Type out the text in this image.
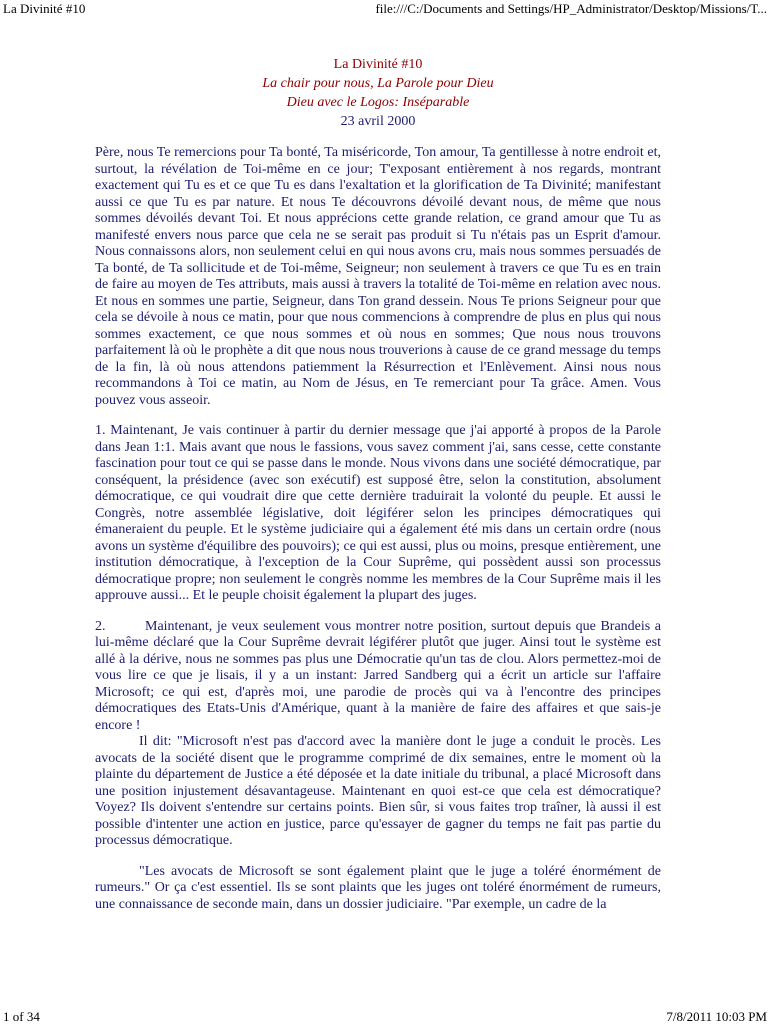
La Divinité #10	file:///C:/Documents and Settings/HP_Administrator/Desktop/Missions/T...

La Divinité #10

La chair pour nous, La Parole pour Dieu

Dieu avec le Logos: Inséparable

23 avril 2000

Père, nous Te remercions pour Ta bonté, Ta miséricorde, Ton amour, Ta gentillesse à notre endroit et, surtout, la révélation de Toi-même en ce jour; T'exposant entièrement à nos regards, montrant exactement qui Tu es et ce que Tu es dans l'exaltation et la glorification de Ta Divinité; manifestant aussi ce que Tu es par nature. Et nous Te découvrons dévoilé devant nous, de même que nous sommes dévoilés devant Toi. Et nous apprécions cette grande relation, ce grand amour que Tu as manifesté envers nous parce que cela ne se serait pas produit si Tu n'étais pas un Esprit d'amour. Nous connaissons alors, non seulement celui en qui nous avons cru, mais nous sommes persuadés de Ta bonté, de Ta sollicitude et de Toi-même, Seigneur; non seulement à travers ce que Tu es en train de faire au moyen de Tes attributs, mais aussi à travers la totalité de Toi-même en relation avec nous. Et nous en sommes une partie, Seigneur, dans Ton grand dessein. Nous Te prions Seigneur pour que cela se dévoile à nous ce matin, pour que nous commencions à comprendre de plus en plus qui nous sommes exactement, ce que nous sommes et où nous en sommes; Que nous nous trouvons parfaitement là où le prophète a dit que nous nous trouverions à cause de ce grand message du temps de la fin, là où nous attendons patiemment la Résurrection et l'Enlèvement. Ainsi nous nous recommandons à Toi ce matin, au Nom de Jésus, en Te remerciant pour Ta grâce. Amen. Vous pouvez vous asseoir.

1. Maintenant, Je vais continuer à partir du dernier message que j'ai apporté à propos de la Parole dans Jean 1:1. Mais avant que nous le fassions, vous savez comment j'ai, sans cesse, cette constante fascination pour tout ce qui se passe dans le monde. Nous vivons dans une société démocratique, par conséquent, la présidence (avec son exécutif) est supposé être, selon la constitution, absolument démocratique, ce qui voudrait dire que cette dernière traduirait la volonté du peuple. Et aussi le Congrès, notre assemblée législative, doit légiférer selon les principes démocratiques qui émaneraient du peuple. Et le système judiciaire qui a également été mis dans un certain ordre (nous avons un système d'équilibre des pouvoirs); ce qui est aussi, plus ou moins, presque entièrement, une institution démocratique, à l'exception de la Cour Suprême, qui possèdent aussi son processus démocratique propre; non seulement le congrès nomme les membres de la Cour Suprême mais il les approuve aussi... Et le peuple choisit également la plupart des juges.

2.	Maintenant, je veux seulement vous montrer notre position, surtout depuis que Brandeis a lui-même déclaré que la Cour Suprême devrait légiférer plutôt que juger. Ainsi tout le système est allé à la dérive, nous ne sommes pas plus une Démocratie qu'un tas de clou. Alors permettez-moi de vous lire ce que je lisais, il y a un instant: Jarred Sandberg qui a écrit un article sur l'affaire Microsoft; ce qui est, d'après moi, une parodie de procès qui va à l'encontre des principes démocratiques des Etats-Unis d'Amérique, quant à la manière de faire des affaires et que sais-je encore !

Il dit: "Microsoft n'est pas d'accord avec la manière dont le juge a conduit le procès. Les avocats de la société disent que le programme comprimé de dix semaines, entre le moment où la plainte du département de Justice a été déposée et la date initiale du tribunal, a placé Microsoft dans une position injustement désavantageuse. Maintenant en quoi est-ce que cela est démocratique? Voyez? Ils doivent s'entendre sur certains points. Bien sûr, si vous faites trop traîner, là aussi il est possible d'intenter une action en justice, parce qu'essayer de gagner du temps ne fait pas partie du processus démocratique.

"Les avocats de Microsoft se sont également plaint que le juge a toléré énormément de rumeurs." Or ça c'est essentiel. Ils se sont plaints que les juges ont toléré énormément de rumeurs, une connaissance de seconde main, dans un dossier judiciaire. "Par exemple, un cadre de la

1 of 34	7/8/2011 10:03 PM
